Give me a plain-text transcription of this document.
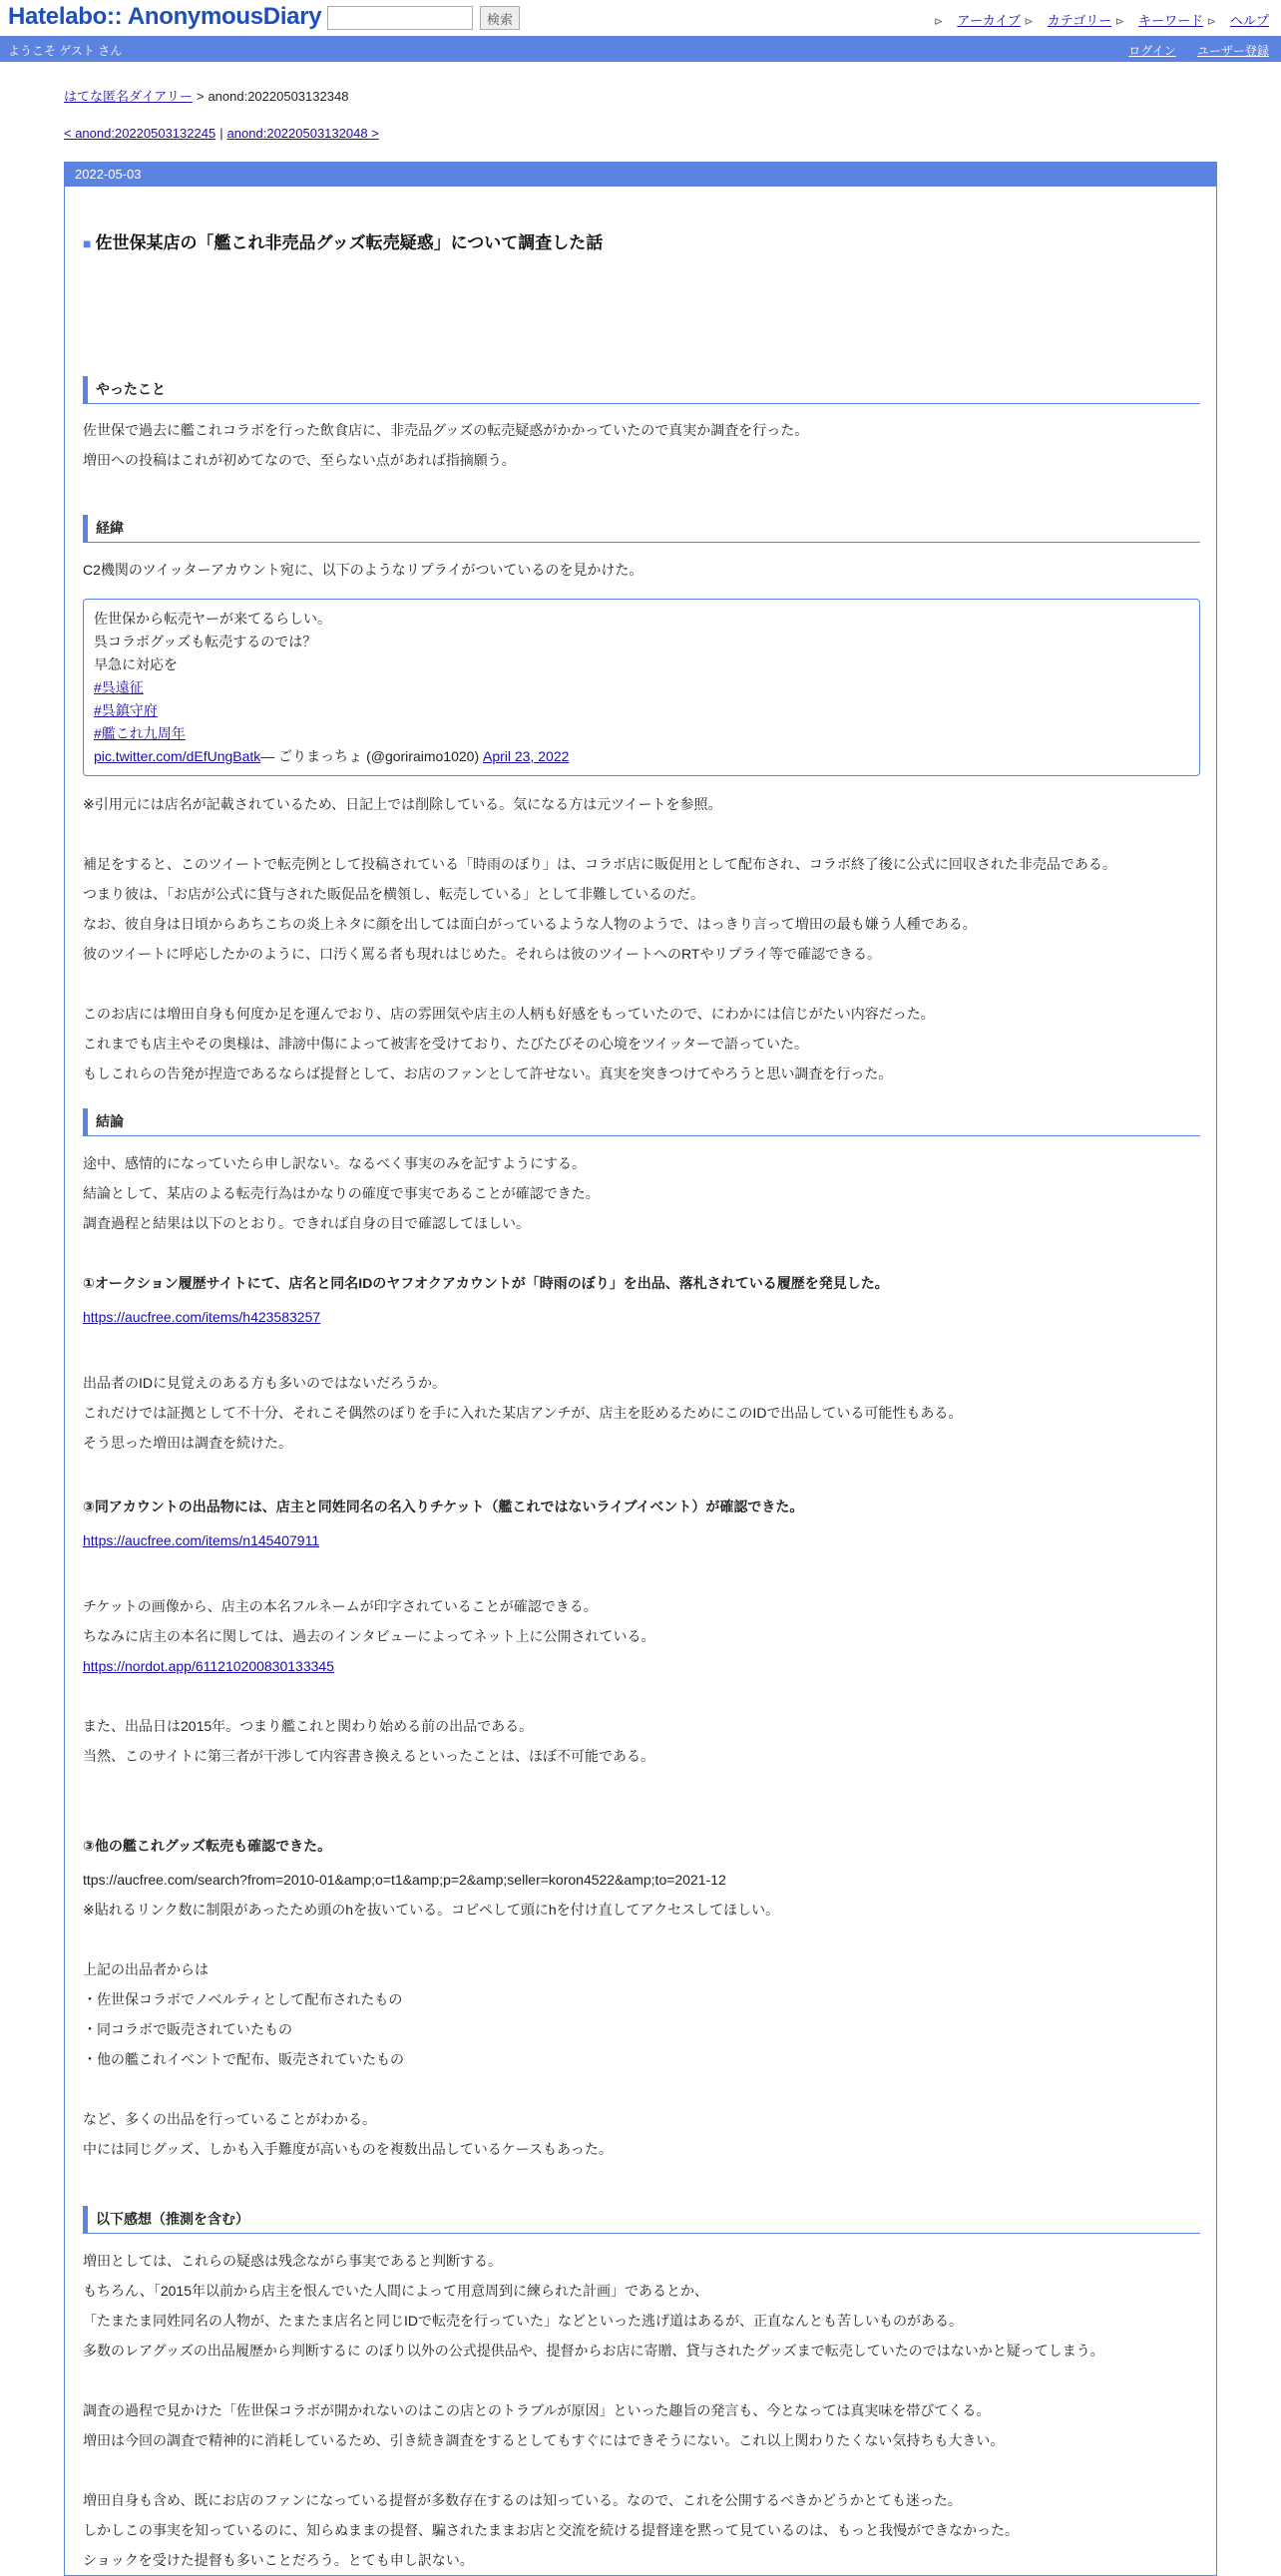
Hatelabo:: AnonymousDiary	検索	⊳ アーカイブ ⊳ カテゴリー ⊳ キーワード ⊳ ヘルプ
ようこそ ゲスト さん	ログイン ユーザー登録
はてな匿名ダイアリー > anond:20220503132348
< anond:20220503132245 | anond:20220503132048 >
2022-05-03
■ 佐世保某店の「艦これ非売品グッズ転売疑惑」について調査した話
やったこと
佐世保で過去に艦これコラボを行った飲食店に、非売品グッズの転売疑惑がかかっていたので真実か調査を行った。
増田への投稿はこれが初めてなので、至らない点があれば指摘願う。
経緯
C2機関のツイッターアカウント宛に、以下のようなリプライがついているのを見かけた。
佐世保から転売ヤーが来てるらしい。
呉コラボグッズも転売するのでは？
早急に対応を
#呉遠征
#呉鎮守府
#艦これ九周年
pic.twitter.com/dEfUngBatk— ごりまっちょ (@goriraimo1020) April 23, 2022
※引用元には店名が記載されているため、日記上では削除している。気になる方は元ツイートを参照。
補足をすると、このツイートで転売例として投稿されている「時雨のぼり」は、コラボ店に販促用として配布され、コラボ終了後に公式に回収された非売品である。
つまり彼は、「お店が公式に貸与された販促品を横領し、転売している」として非難しているのだ。
なお、彼自身は日頃からあちこちの炎上ネタに顔を出しては面白がっているような人物のようで、はっきり言って増田の最も嫌う人種である。
彼のツイートに呼応したかのように、口汚く罵る者も現れはじめた。それらは彼のツイートへのRTやリプライ等で確認できる。
このお店には増田自身も何度か足を運んでおり、店の雰囲気や店主の人柄も好感をもっていたので、にわかには信じがたい内容だった。
これまでも店主やその奥様は、誹謗中傷によって被害を受けており、たびたびその心境をツイッターで語っていた。
もしこれらの告発が捏造であるならば提督として、お店のファンとして許せない。真実を突きつけてやろうと思い調査を行った。
結論
途中、感情的になっていたら申し訳ない。なるべく事実のみを記すようにする。
結論として、某店のよる転売行為はかなりの確度で事実であることが確認できた。
調査過程と結果は以下のとおり。できれば自身の目で確認してほしい。
①オークション履歴サイトにて、店名と同名IDのヤフオクアカウントが「時雨のぼり」を出品、落札されている履歴を発見した。
https://aucfree.com/items/h423583257
出品者のIDに見覚えのある方も多いのではないだろうか。
これだけでは証拠として不十分、それこそ偶然のぼりを手に入れた某店アンチが、店主を貶めるためにこのIDで出品している可能性もある。
そう思った増田は調査を続けた。
③同アカウントの出品物には、店主と同姓同名の名入りチケット（艦これではないライブイベント）が確認できた。
https://aucfree.com/items/n145407911
チケットの画像から、店主の本名フルネームが印字されていることが確認できる。
ちなみに店主の本名に関しては、過去のインタビューによってネット上に公開されている。
https://nordot.app/611210200830133345
また、出品日は2015年。つまり艦これと関わり始める前の出品である。
当然、このサイトに第三者が干渉して内容書き換えるといったことは、ほぼ不可能である。
③他の艦これグッズ転売も確認できた。
ttps://aucfree.com/search?from=2010-01&amp;o=t1&amp;p=2&amp;seller=koron4522&amp;to=2021-12
※貼れるリンク数に制限があったため頭のhを抜いている。コピペして頭にhを付け直してアクセスしてほしい。
上記の出品者からは
・佐世保コラボでノベルティとして配布されたもの
・同コラボで販売されていたもの
・他の艦これイベントで配布、販売されていたもの
など、多くの出品を行っていることがわかる。
中には同じグッズ、しかも入手難度が高いものを複数出品しているケースもあった。
以下感想（推測を含む）
増田としては、これらの疑惑は残念ながら事実であると判断する。
もちろん、「2015年以前から店主を恨んでいた人間によって用意周到に練られた計画」であるとか、
「たまたま同姓同名の人物が、たまたま店名と同じIDで転売を行っていた」などといった逃げ道はあるが、正直なんとも苦しいものがある。
多数のレアグッズの出品履歴から判断するに のぼり以外の公式提供品や、提督からお店に寄贈、貸与されたグッズまで転売していたのではないかと疑ってしまう。
調査の過程で見かけた「佐世保コラボが開かれないのはこの店とのトラブルが原因」といった趣旨の発言も、今となっては真実味を帯びてくる。
増田は今回の調査で精神的に消耗しているため、引き続き調査をするとしてもすぐにはできそうにない。これ以上関わりたくない気持ちも大きい。
増田自身も含め、既にお店のファンになっている提督が多数存在するのは知っている。なので、これを公開するべきかどうかとても迷った。
しかしこの事実を知っているのに、知らぬままの提督、騙されたままお店と交流を続ける提督達を黙って見ているのは、もっと我慢ができなかった。
ショックを受けた提督も多いことだろう。とても申し訳ない。
